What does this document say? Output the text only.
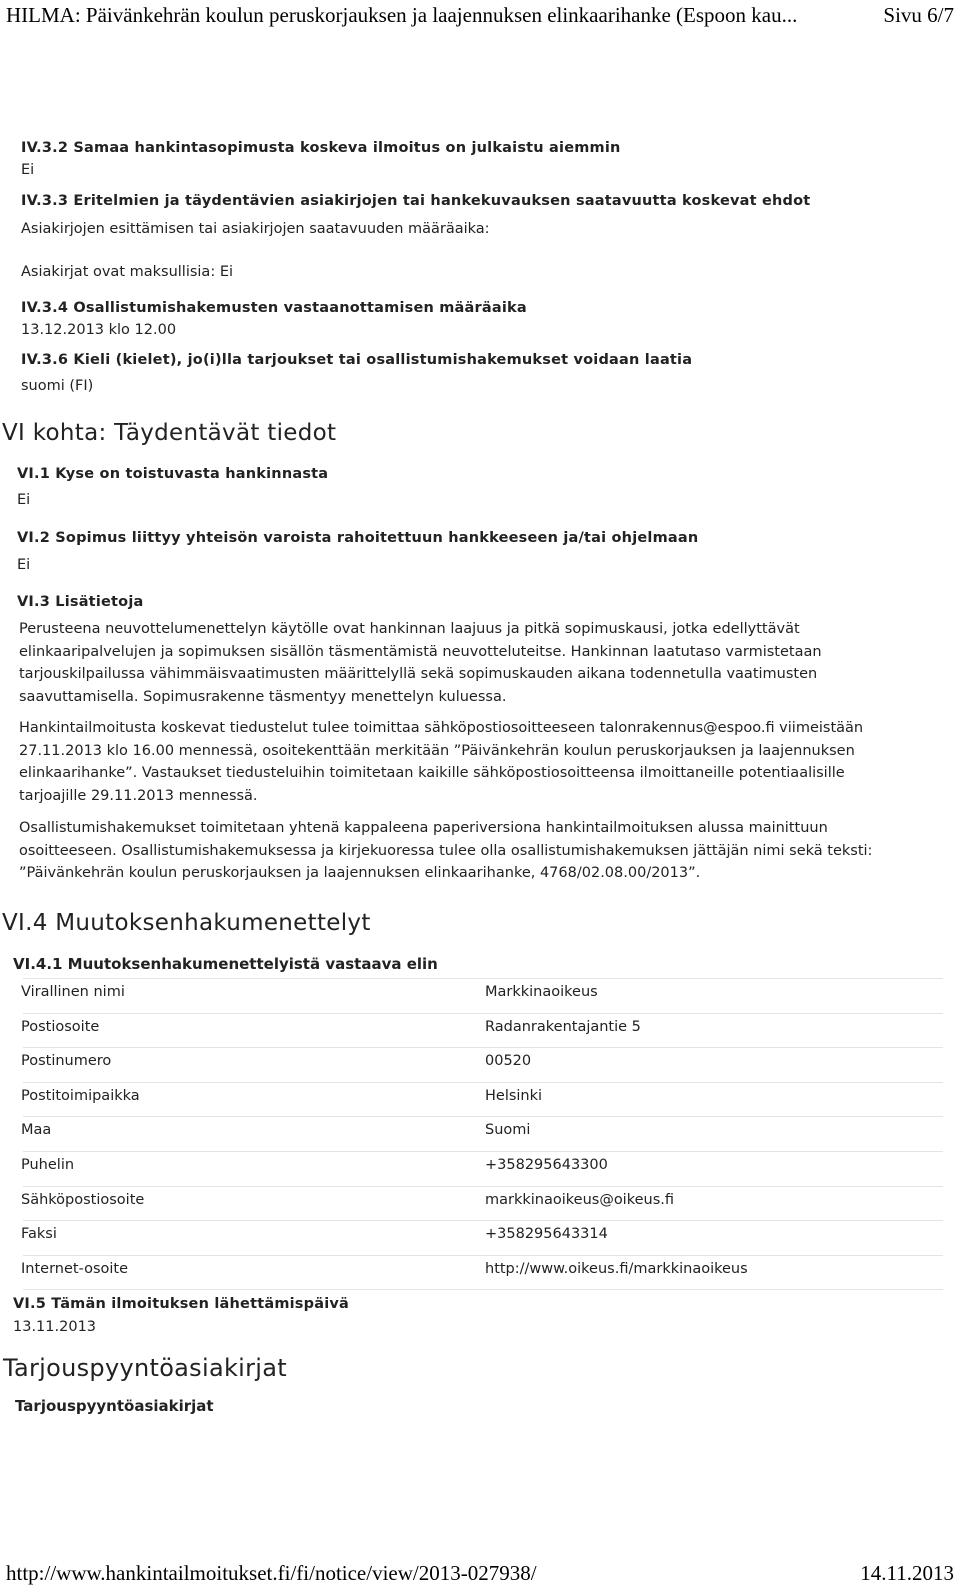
HILMA: Päivänkehrän koulun peruskorjauksen ja laajennuksen elinkaarihanke (Espoon kau...	Sivu 6/7
IV.3.2 Samaa hankintasopimusta koskeva ilmoitus on julkaistu aiemmin
Ei
IV.3.3 Eritelmien ja täydentävien asiakirjojen tai hankekuvauksen saatavuutta koskevat ehdot
Asiakirjojen esittämisen tai asiakirjojen saatavuuden määräaika:
Asiakirjat ovat maksullisia: Ei
IV.3.4 Osallistumishakemusten vastaanottamisen määräaika
13.12.2013 klo 12.00
IV.3.6 Kieli (kielet), jo(i)lla tarjoukset tai osallistumishakemukset voidaan laatia
suomi (FI)
VI kohta: Täydentävät tiedot
VI.1 Kyse on toistuvasta hankinnasta
Ei
VI.2 Sopimus liittyy yhteisön varoista rahoitettuun hankkeeseen ja/tai ohjelmaan
Ei
VI.3 Lisätietoja
Perusteena neuvottelumenettelyn käytölle ovat hankinnan laajuus ja pitkä sopimuskausi, jotka edellyttävät elinkaaripalvelujen ja sopimuksen sisällön täsmentämistä neuvotteluteitse. Hankinnan laatutaso varmistetaan tarjouskilpailussa vähimmäisvaatimusten määrittelyllä sekä sopimuskauden aikana todennetulla vaatimusten saavuttamisella. Sopimusrakenne täsmentyy menettelyn kuluessa.
Hankintailmoitusta koskevat tiedustelut tulee toimittaa sähköpostiosoitteeseen talonrakennus@espoo.fi viimeistään 27.11.2013 klo 16.00 mennessä, osoitekenttään merkitään ”Päivänkehrän koulun peruskorjauksen ja laajennuksen elinkaarihanke”. Vastaukset tiedusteluihin toimitetaan kaikille sähköpostiosoitteensa ilmoittaneille potentiaalisille tarjoajille 29.11.2013 mennessä.
Osallistumishakemukset toimitetaan yhtenä kappaleena paperiversiona hankintailmoituksen alussa mainittuun osoitteeseen. Osallistumishakemuksessa ja kirjekuoressa tulee olla osallistumishakemuksen jättäjän nimi sekä teksti: ”Päivänkehrän koulun peruskorjauksen ja laajennuksen elinkaarihanke, 4768/02.08.00/2013”.
VI.4 Muutoksenhakumenettelyt
VI.4.1 Muutoksenhakumenettelyistä vastaava elin
Virallinen nimi	Markkinaoikeus
Postiosoite	Radanrakentajantie 5
Postinumero	00520
Postitoimipaikka	Helsinki
Maa	Suomi
Puhelin	+358295643300
Sähköpostiosoite	markkinaoikeus@oikeus.fi
Faksi	+358295643314
Internet-osoite	http://www.oikeus.fi/markkinaoikeus
VI.5 Tämän ilmoituksen lähettämispäivä
13.11.2013
Tarjouspyyntöasiakirjat
Tarjouspyyntöasiakirjat
http://www.hankintailmoitukset.fi/fi/notice/view/2013-027938/	14.11.2013
